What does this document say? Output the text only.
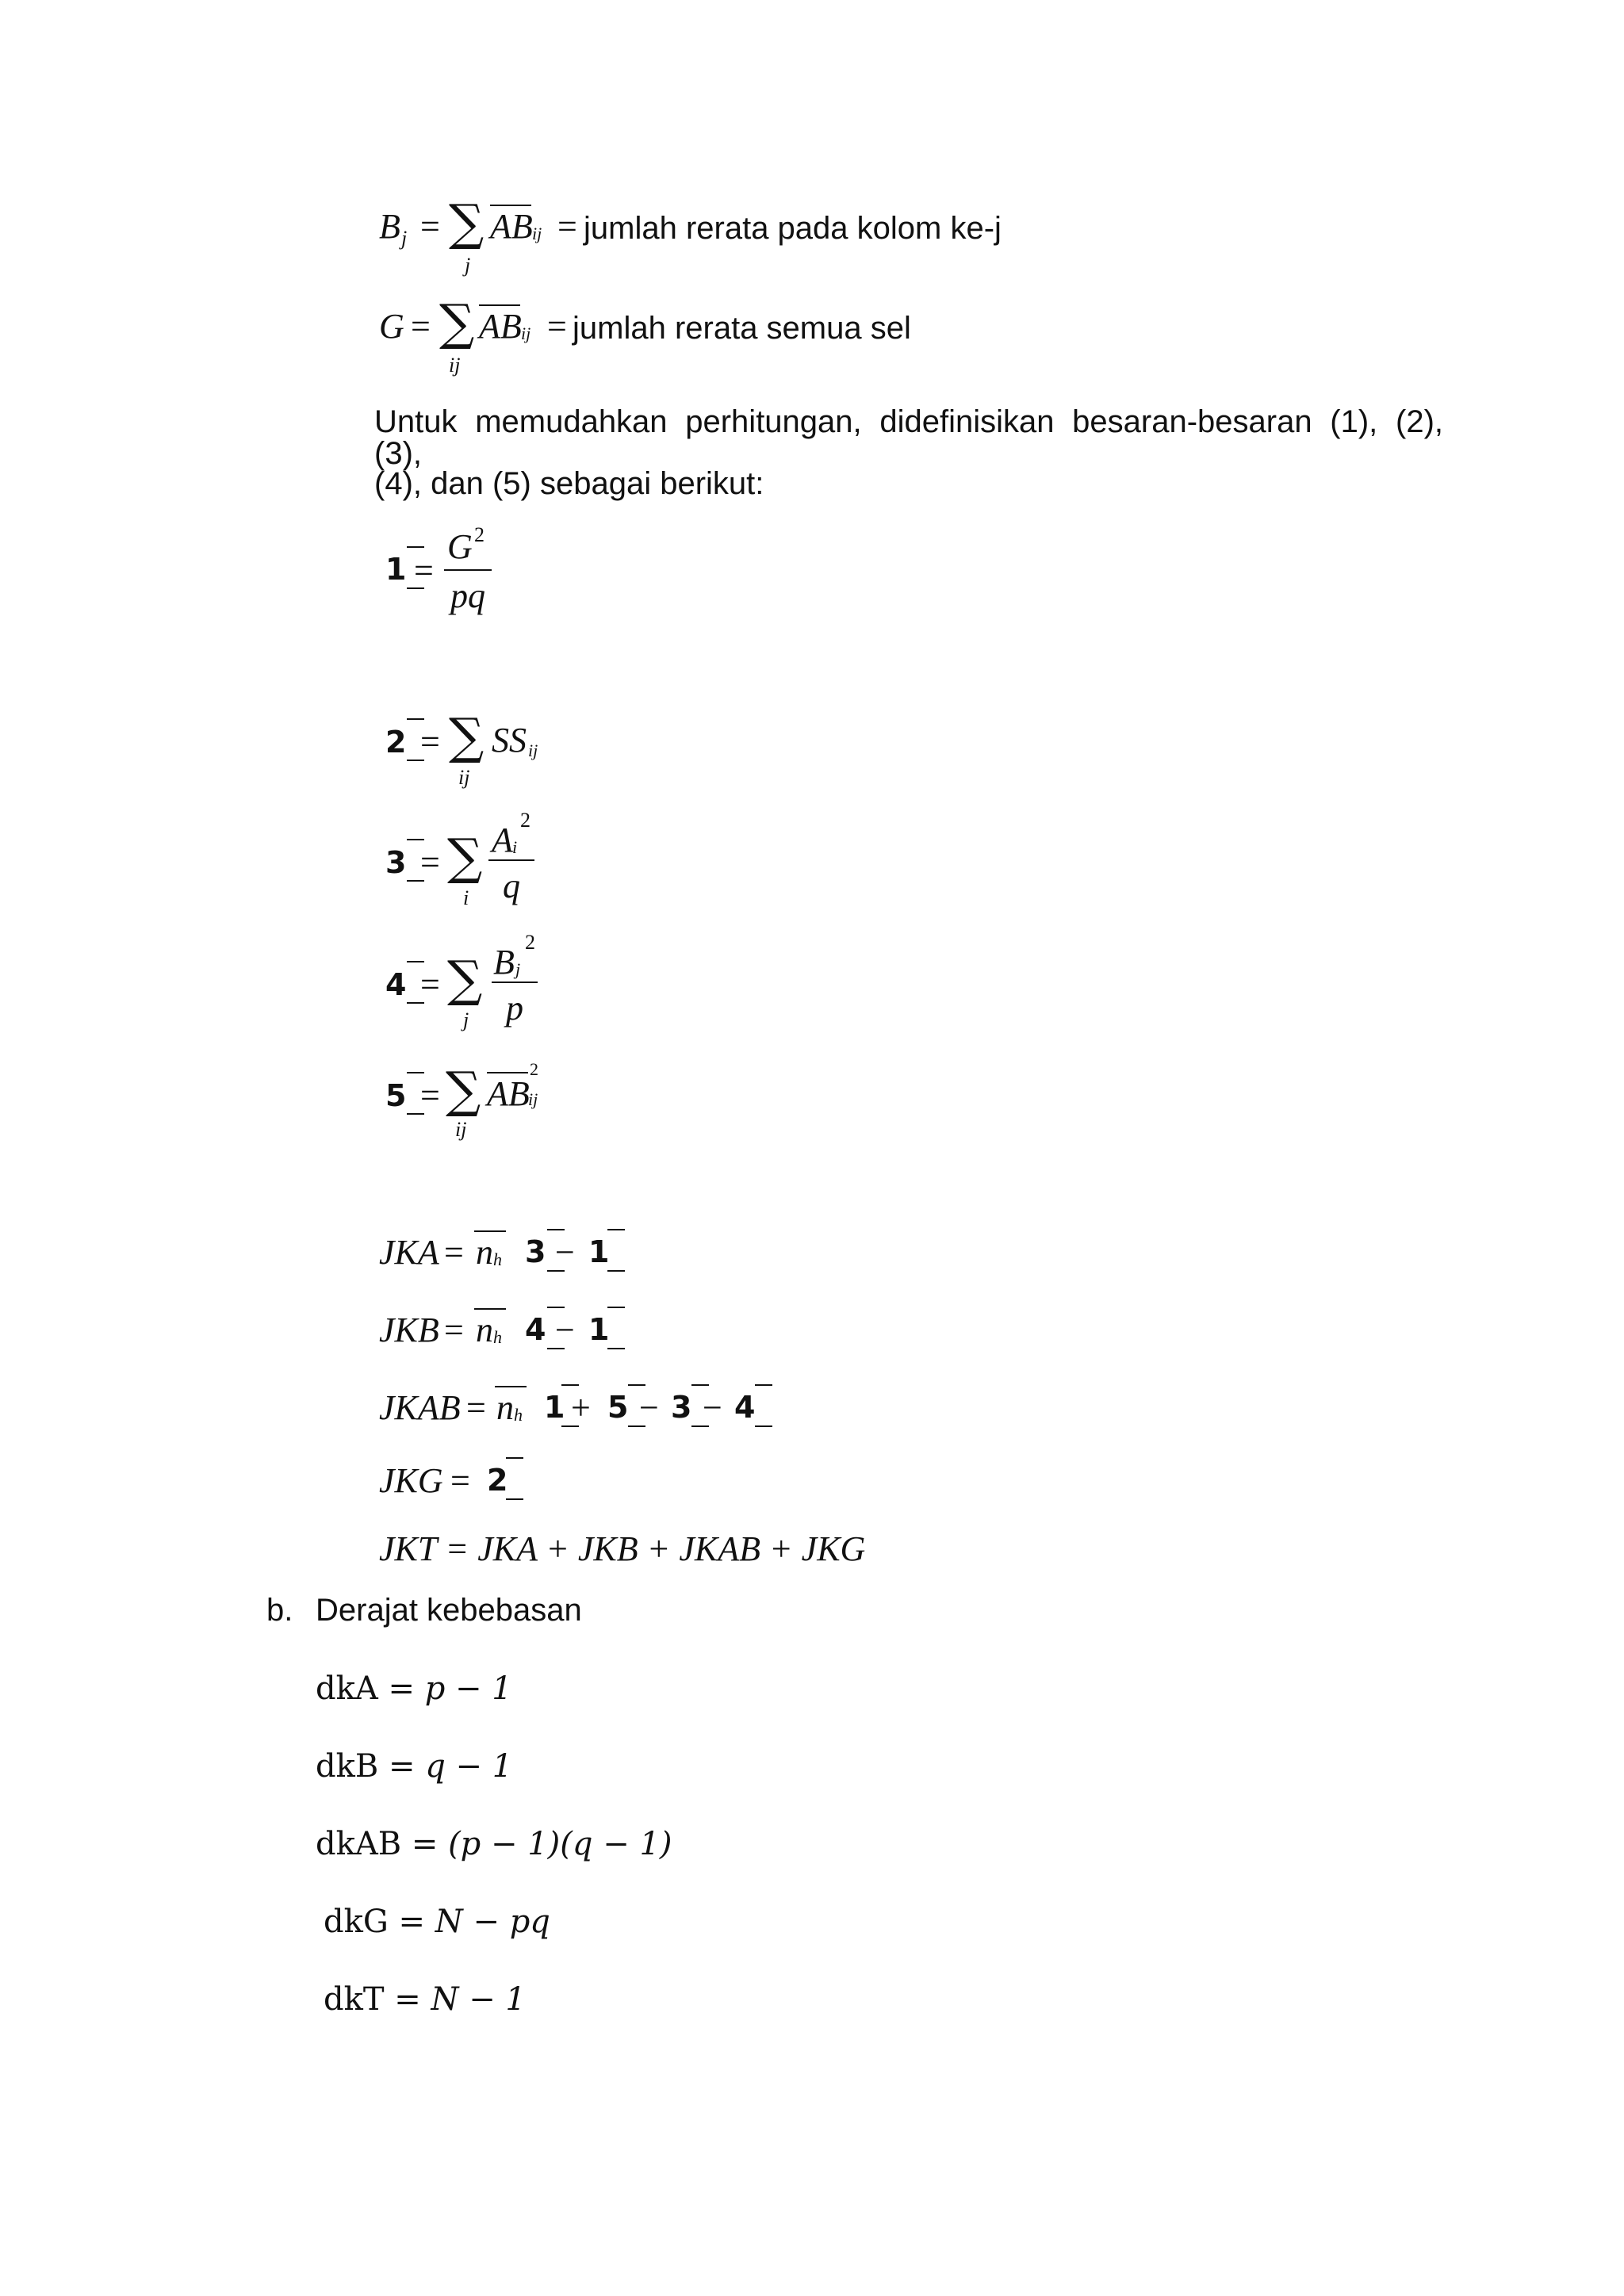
B j = ∑
j
AB ij = jumlah rerata pada kolom ke-j
G = ∑
ij
AB ij = jumlah rerata semua sel
Untuk memudahkan perhitungan, didefinisikan besaran-besaran (1), (2), (3),
(4), dan (5) sebagai berikut:
1 =
G 2
pq
2 = ∑
ij
SS ij
3 = ∑
i
A i
2
q
4 = ∑
j
B j
2
p
5 = ∑
ij
AB
2
ij
JKA = n h 3 − 1
JKB = n h 4 − 1
JKAB = n h 1 + 5 − 3 − 4
JKG = 2
JKT = JKA + JKB + JKAB + JKG
b. Derajat kebebasan
dkA = p − 1
dkB = q − 1
dkAB = (p − 1)(q − 1)
dkG = N − pq
dkT = N − 1
